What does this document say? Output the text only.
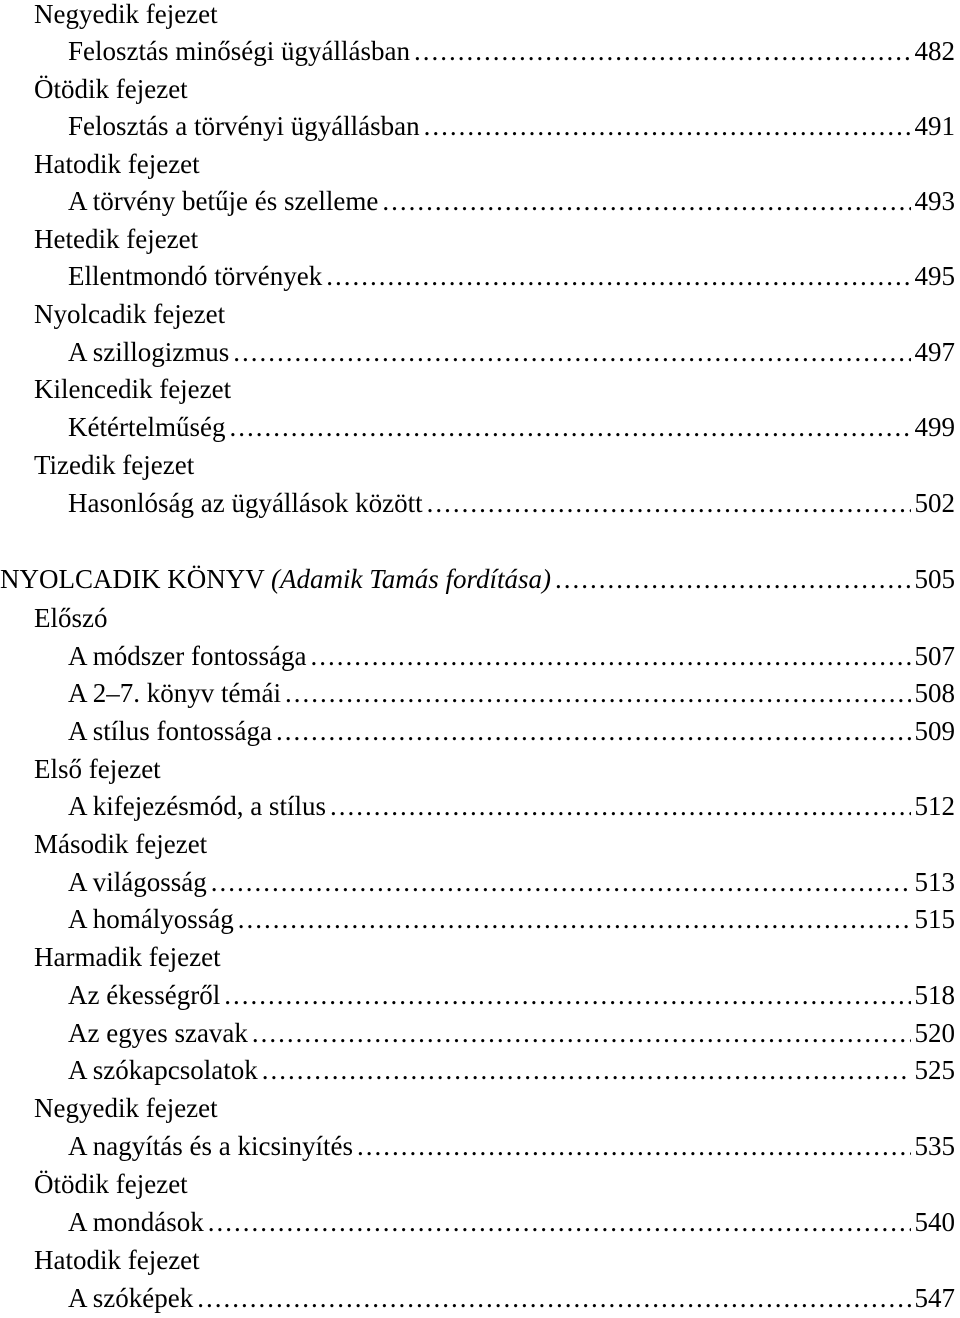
Negyedik fejezet
Felosztás minőségi ügyállásban .....	482
Ötödik fejezet
Felosztás a törvényi ügyállásban .....	491
Hatodik fejezet
A törvény betűje és szelleme .....	493
Hetedik fejezet
Ellentmondó törvények .....	495
Nyolcadik fejezet
A szillogizmus .....	497
Kilencedik fejezet
Kétértelműség .....	499
Tizedik fejezet
Hasonlóság az ügyállások között .....	502
NYOLCADIK KÖNYV (Adamik Tamás fordítása) .....	505
Előszó
A módszer fontossága .....	507
A 2–7. könyv témái .....	508
A stílus fontossága .....	509
Első fejezet
A kifejezésmód, a stílus .....	512
Második fejezet
A világosság .....	513
A homályosság .....	515
Harmadik fejezet
Az ékességről .....	518
Az egyes szavak .....	520
A szókapcsolatok .....	525
Negyedik fejezet
A nagyítás és a kicsinyítés .....	535
Ötödik fejezet
A mondások .....	540
Hatodik fejezet
A szóképek .....	547
